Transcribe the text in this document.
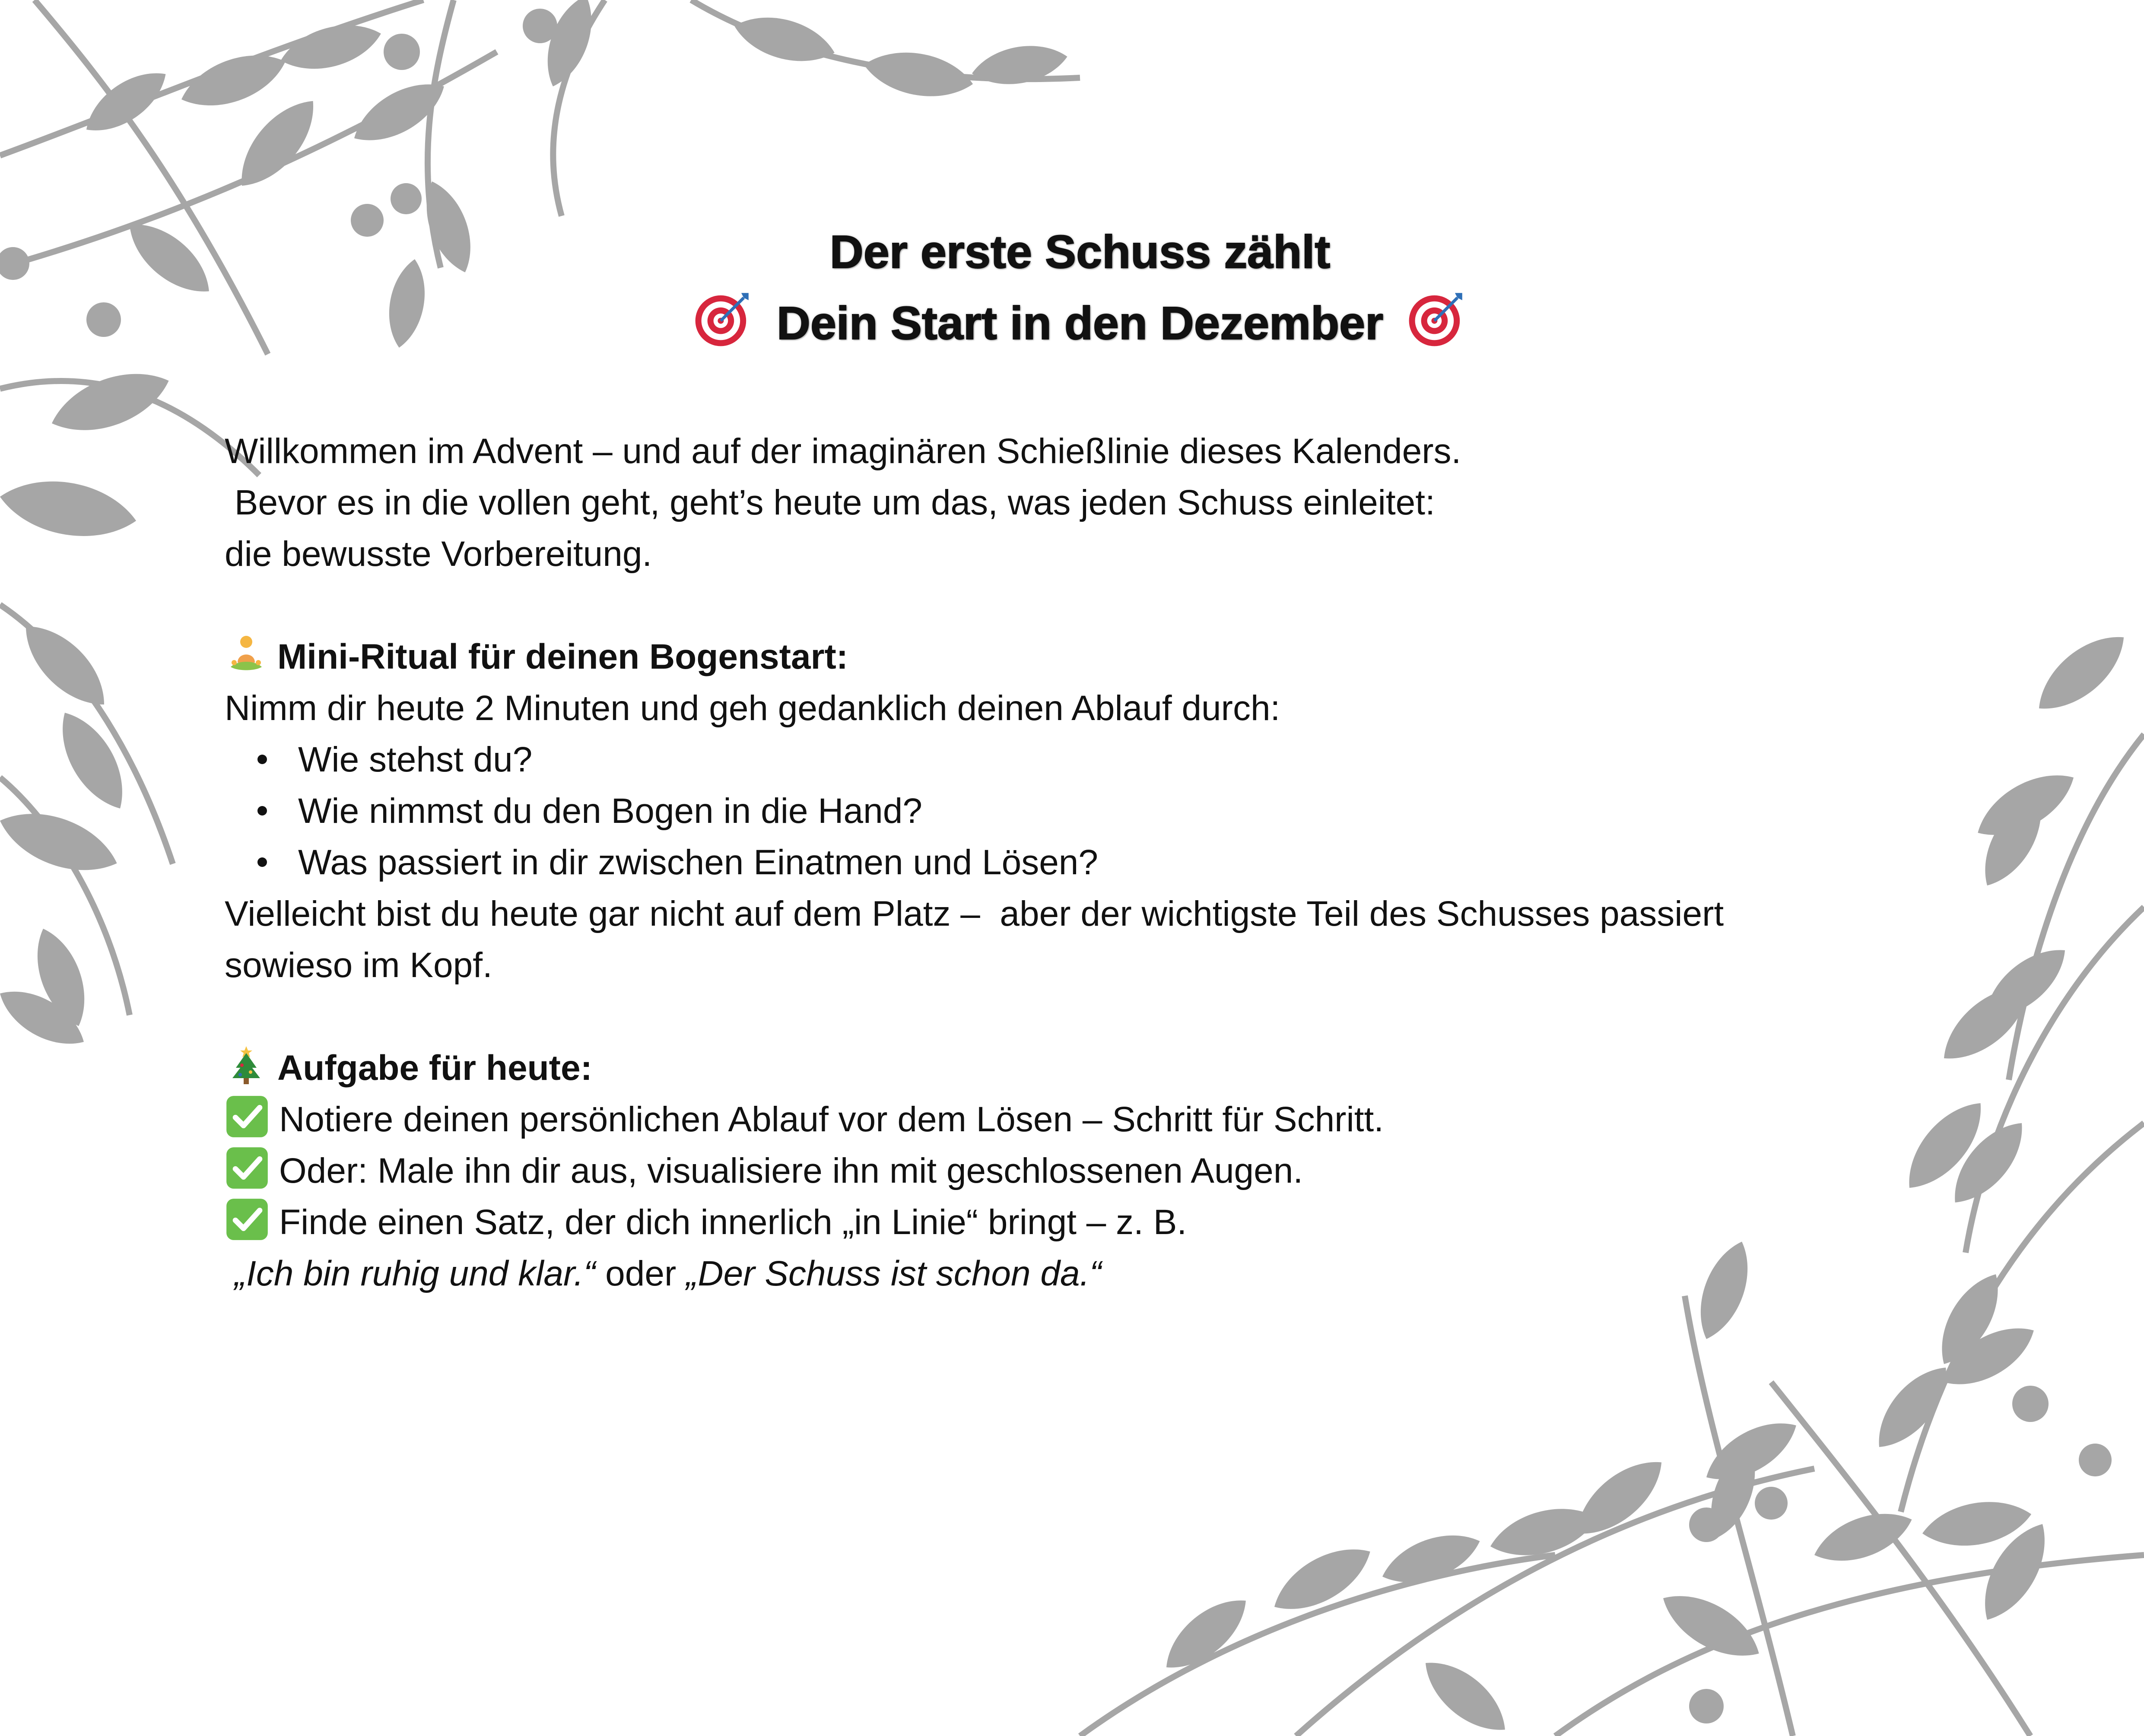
Der erste Schuss zählt
Dein Start in den Dezember
Willkommen im Advent – und auf der imaginären Schießlinie dieses Kalenders.
Bevor es in die vollen geht, geht’s heute um das, was jeden Schuss einleitet:
die bewusste Vorbereitung.
Mini-Ritual für deinen Bogenstart:
Nimm dir heute 2 Minuten und geh gedanklich deinen Ablauf durch:
Wie stehst du?
Wie nimmst du den Bogen in die Hand?
Was passiert in dir zwischen Einatmen und Lösen?
Vielleicht bist du heute gar nicht auf dem Platz –  aber der wichtigste Teil des Schusses passiert
sowieso im Kopf.
Aufgabe für heute:
Notiere deinen persönlichen Ablauf vor dem Lösen – Schritt für Schritt.
Oder: Male ihn dir aus, visualisiere ihn mit geschlossenen Augen.
Finde einen Satz, der dich innerlich „in Linie“ bringt – z. B.
„Ich bin ruhig und klar.“ oder „Der Schuss ist schon da.“
